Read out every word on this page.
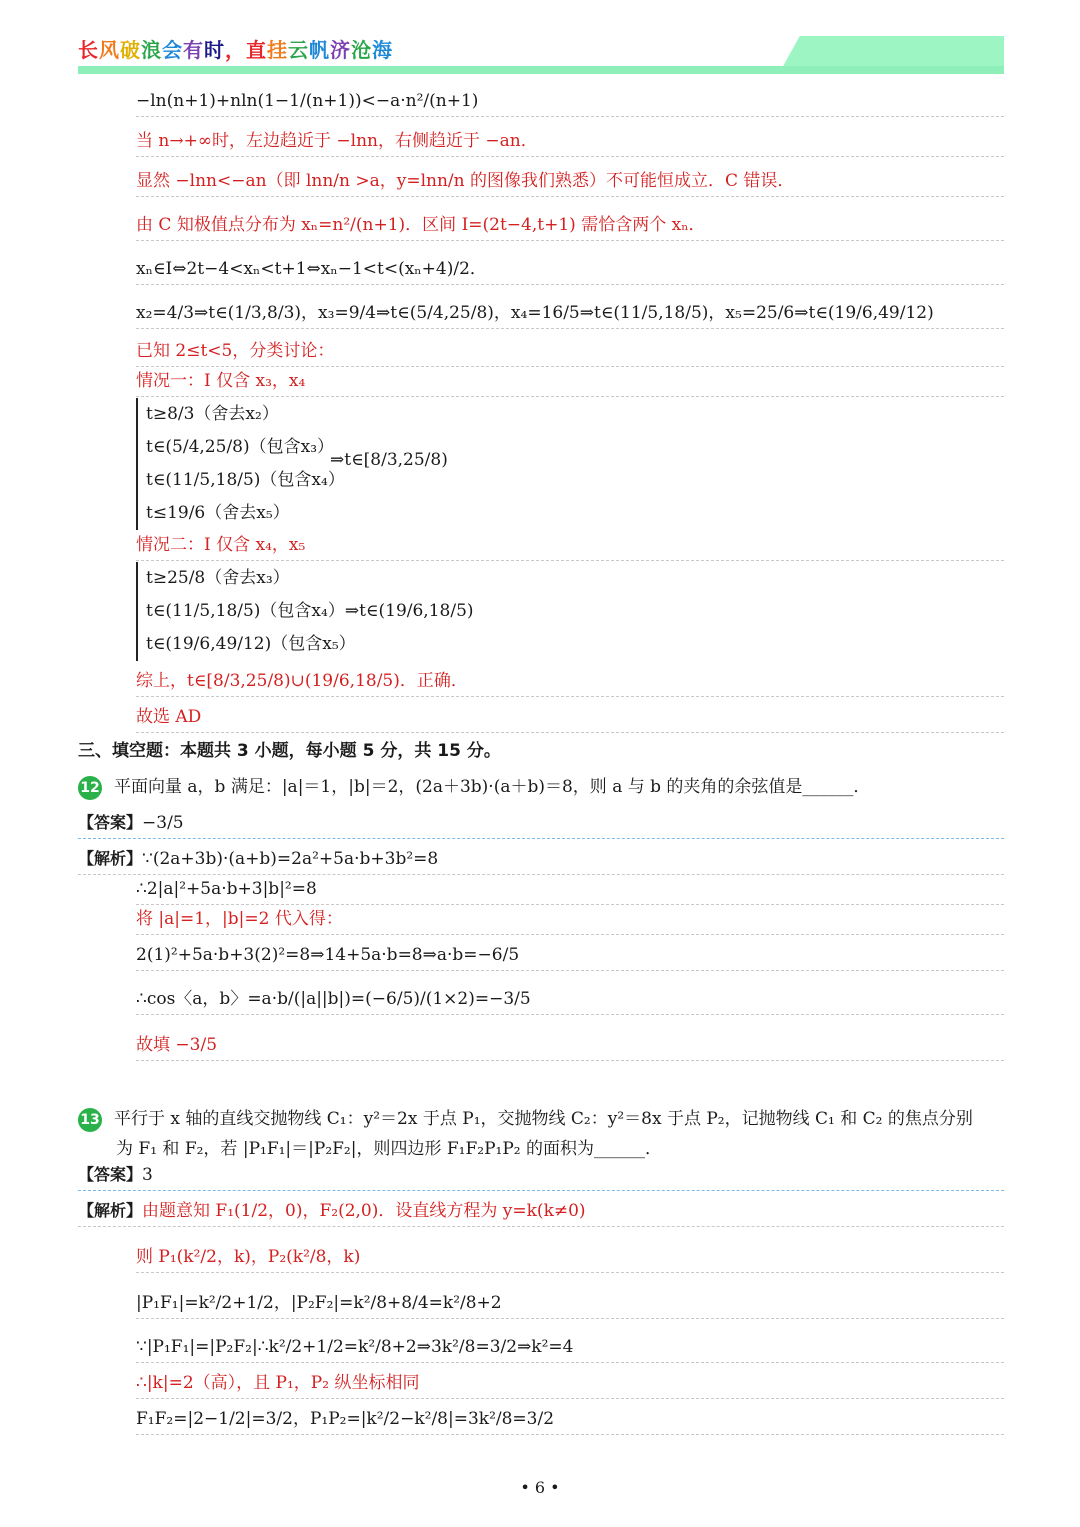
长风破浪会有时，直挂云帆济沧海
−ln(n+1)+nln(1−1/(n+1))<−a·n²/(n+1)
当 n→+∞时，左边趋近于 −lnn，右侧趋近于 −an．
显然 −lnn<−an（即 lnn/n >a，y=lnn/n 的图像我们熟悉）不可能恒成立．C 错误．
由 C 知极值点分布为 xₙ=n²/(n+1)．区间 I=(2t−4,t+1) 需恰含两个 xₙ．
xₙ∈I⇔2t−4<xₙ<t+1⇔xₙ−1<t<(xₙ+4)/2．
x₂=4/3⇒t∈(1/3,8/3)，x₃=9/4⇒t∈(5/4,25/8)，x₄=16/5⇒t∈(11/5,18/5)，x₅=25/6⇒t∈(19/6,49/12)
已知 2≤t<5，分类讨论：
情况一：I 仅含 x₃，x₄
t≥8/3（舍去x₂）
t∈(5/4,25/8)（包含x₃）
t∈(11/5,18/5)（包含x₄）
t≤19/6（舍去x₅）
⇒t∈[8/3,25/8)
情况二：I 仅含 x₄，x₅
t≥25/8（舍去x₃）
t∈(11/5,18/5)（包含x₄）⇒t∈(19/6,18/5)
t∈(19/6,49/12)（包含x₅）
综上，t∈[8/3,25/8)∪(19/6,18/5)．正确．
故选 AD
三、填空题：本题共 3 小题，每小题 5 分，共 15 分。
12 平面向量 a，b 满足：|a|＝1，|b|＝2，(2a＋3b)·(a＋b)＝8，则 a 与 b 的夹角的余弦值是______．
【答案】−3/5
【解析】∵(2a+3b)·(a+b)=2a²+5a·b+3b²=8
∴2|a|²+5a·b+3|b|²=8
将 |a|=1，|b|=2 代入得：
2(1)²+5a·b+3(2)²=8⇒14+5a·b=8⇒a·b=−6/5
∴cos〈a，b〉=a·b/(|a||b|)=(−6/5)/(1×2)=−3/5
故填 −3/5
13 平行于 x 轴的直线交抛物线 C₁：y²＝2x 于点 P₁，交抛物线 C₂：y²＝8x 于点 P₂，记抛物线 C₁ 和 C₂ 的焦点分别
为 F₁ 和 F₂，若 |P₁F₁|＝|P₂F₂|，则四边形 F₁F₂P₁P₂ 的面积为______．
【答案】3
【解析】由题意知 F₁(1/2，0)，F₂(2,0)．设直线方程为 y=k(k≠0)
则 P₁(k²/2，k)，P₂(k²/8，k)
|P₁F₁|=k²/2+1/2，|P₂F₂|=k²/8+8/4=k²/8+2
∵|P₁F₁|=|P₂F₂|∴k²/2+1/2=k²/8+2⇒3k²/8=3/2⇒k²=4
∴|k|=2（高），且 P₁，P₂ 纵坐标相同
F₁F₂=|2−1/2|=3/2，P₁P₂=|k²/2−k²/8|=3k²/8=3/2
• 6 •
